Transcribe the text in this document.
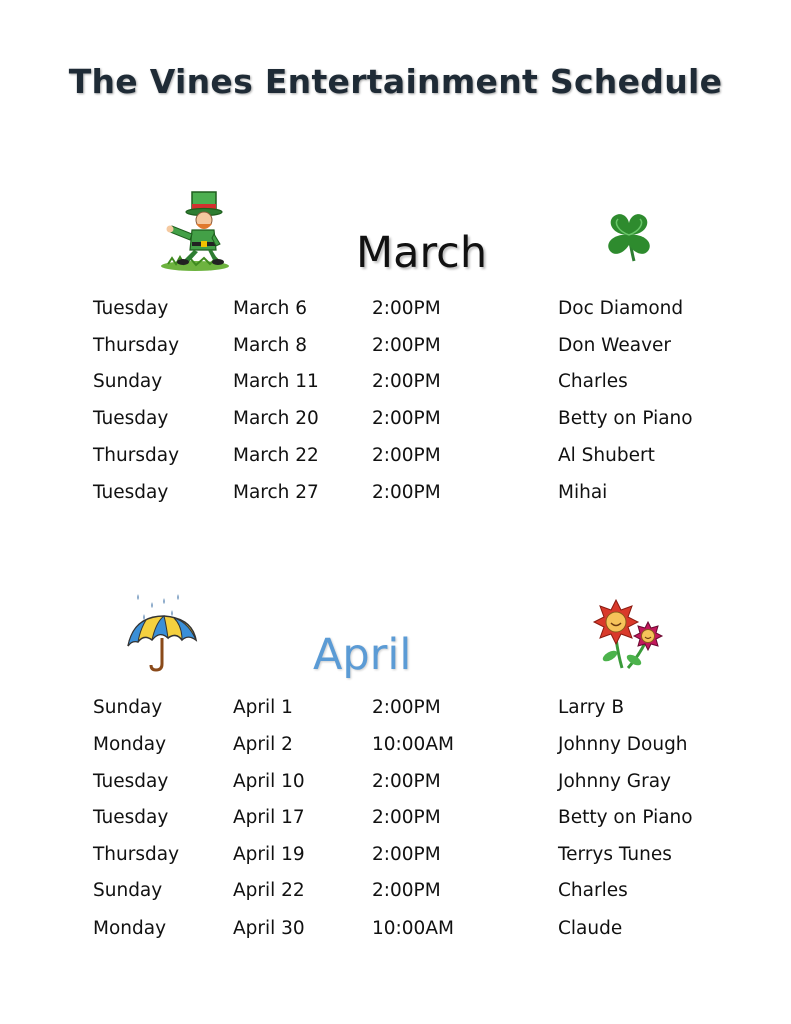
The Vines Entertainment Schedule
March
Tuesday	March 6	2:00PM	Doc Diamond
Thursday	March 8	2:00PM	Don Weaver
Sunday	March 11	2:00PM	Charles
Tuesday	March 20	2:00PM	Betty on Piano
Thursday	March 22	2:00PM	Al Shubert
Tuesday	March 27	2:00PM	Mihai
April
Sunday	April 1	2:00PM	Larry B
Monday	April 2	10:00AM	Johnny Dough
Tuesday	April 10	2:00PM	Johnny Gray
Tuesday	April 17	2:00PM	Betty on Piano
Thursday	April 19	2:00PM	Terrys Tunes
Sunday	April 22	2:00PM	Charles
Monday	April 30	10:00AM	Claude
